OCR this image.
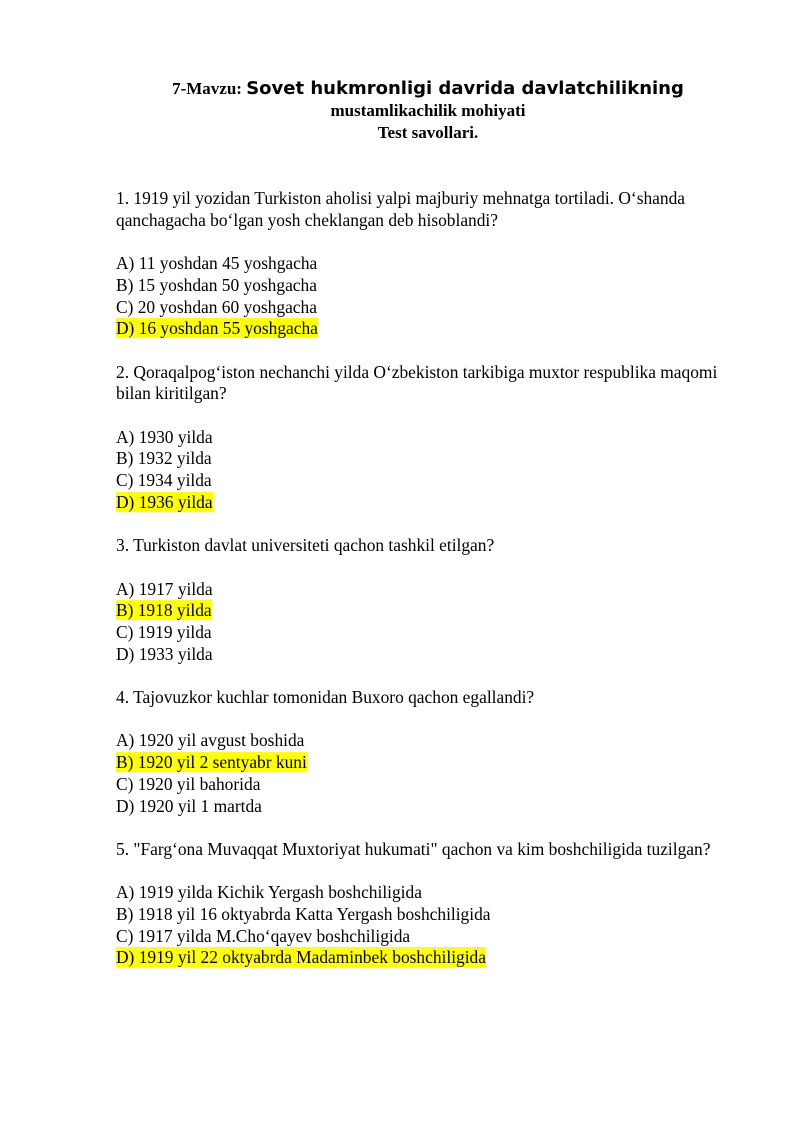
7-Mavzu: Sovet hukmronligi davrida davlatchilikning
mustamlikachilik mohiyati
Test savollari.
1. 1919 yil yozidan Turkiston aholisi yalpi majburiy mehnatga tortiladi. O‘shanda qanchagacha bo‘lgan yosh cheklangan deb hisoblandi?
A) 11 yoshdan 45 yoshgacha
B) 15 yoshdan 50 yoshgacha
C) 20 yoshdan 60 yoshgacha
D) 16 yoshdan 55 yoshgacha
2. Qoraqalpog‘iston nechanchi yilda O‘zbekiston tarkibiga muxtor respublika maqomi bilan kiritilgan?
A) 1930 yilda
B) 1932 yilda
C) 1934 yilda
D) 1936 yilda
3. Turkiston davlat universiteti qachon tashkil etilgan?
A) 1917 yilda
B) 1918 yilda
C) 1919 yilda
D) 1933 yilda
4. Tajovuzkor kuchlar tomonidan Buxoro qachon egallandi?
A) 1920 yil avgust boshida
B) 1920 yil 2 sentyabr kuni
C) 1920 yil bahorida
D) 1920 yil 1 martda
5. "Farg‘ona Muvaqqat Muxtoriyat hukumati" qachon va kim boshchiligida tuzilgan?
A) 1919 yilda Kichik Yergash boshchiligida
B) 1918 yil 16 oktyabrda Katta Yergash boshchiligida
C) 1917 yilda M.Cho‘qayev boshchiligida
D) 1919 yil 22 oktyabrda Madaminbek boshchiligida
